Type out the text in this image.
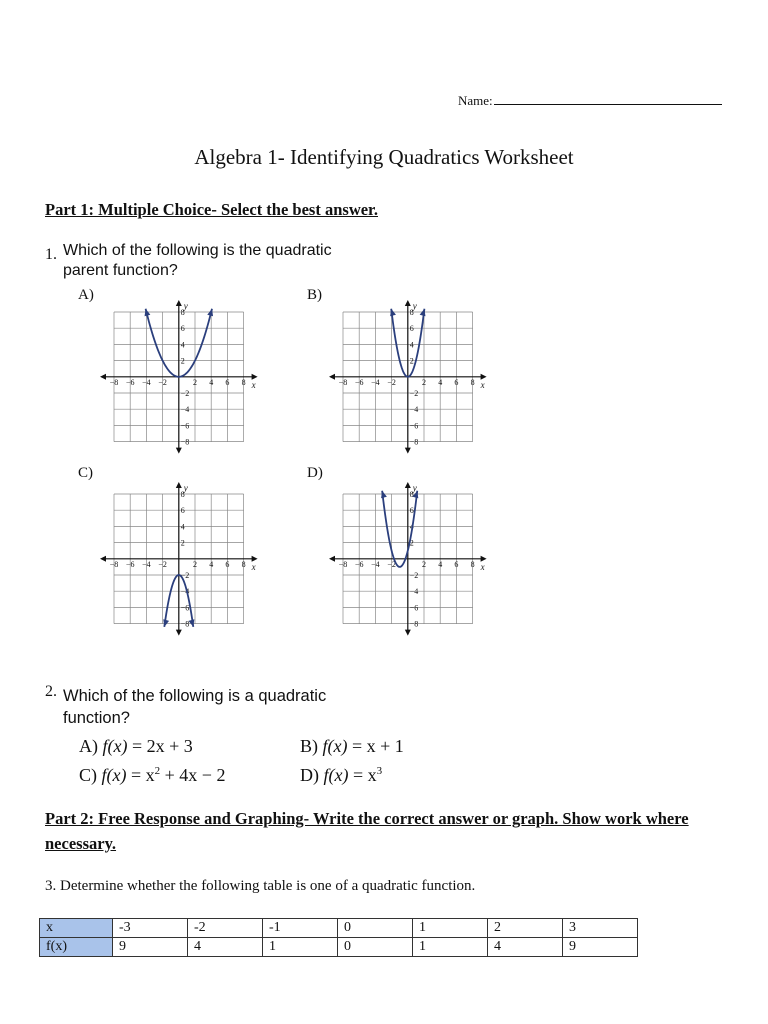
Name:
Algebra 1- Identifying Quadratics Worksheet
Part 1: Multiple Choice- Select the best answer.
1. Which of the following is the quadratic
parent function?
A)	B)
C)	D)
−8 −6 −4 −2	2 4 6 8
8
6
4
2
−2
−4
−6
−8
x
y
−8 −6 −4 −2	2 4 6 8
8
6
4
2
−2
−4
−6
−8
x
y
−8 −6 −4 −2	2 4 6 8
8
6
4
2
−2
−4
−6
−8
x
y
−8 −6 −4 −2	2 4 6 8
8
6
4
2
−2
−4
−6
−8
x
y
2. Which of the following is a quadratic
function?
A) f(x) = 2x + 3	B) f(x) = x + 1
C) $f(x) = x^2 + 4x - 2$	D) $f(x) = x^3$
Part 2: Free Response and Graphing- Write the correct answer or graph. Show work where necessary.
3. Determine whether the following table is one of a quadratic function.
x	-3	-2	-1	0	1	2	3
f(x)	9	4	1	0	1	4	9
